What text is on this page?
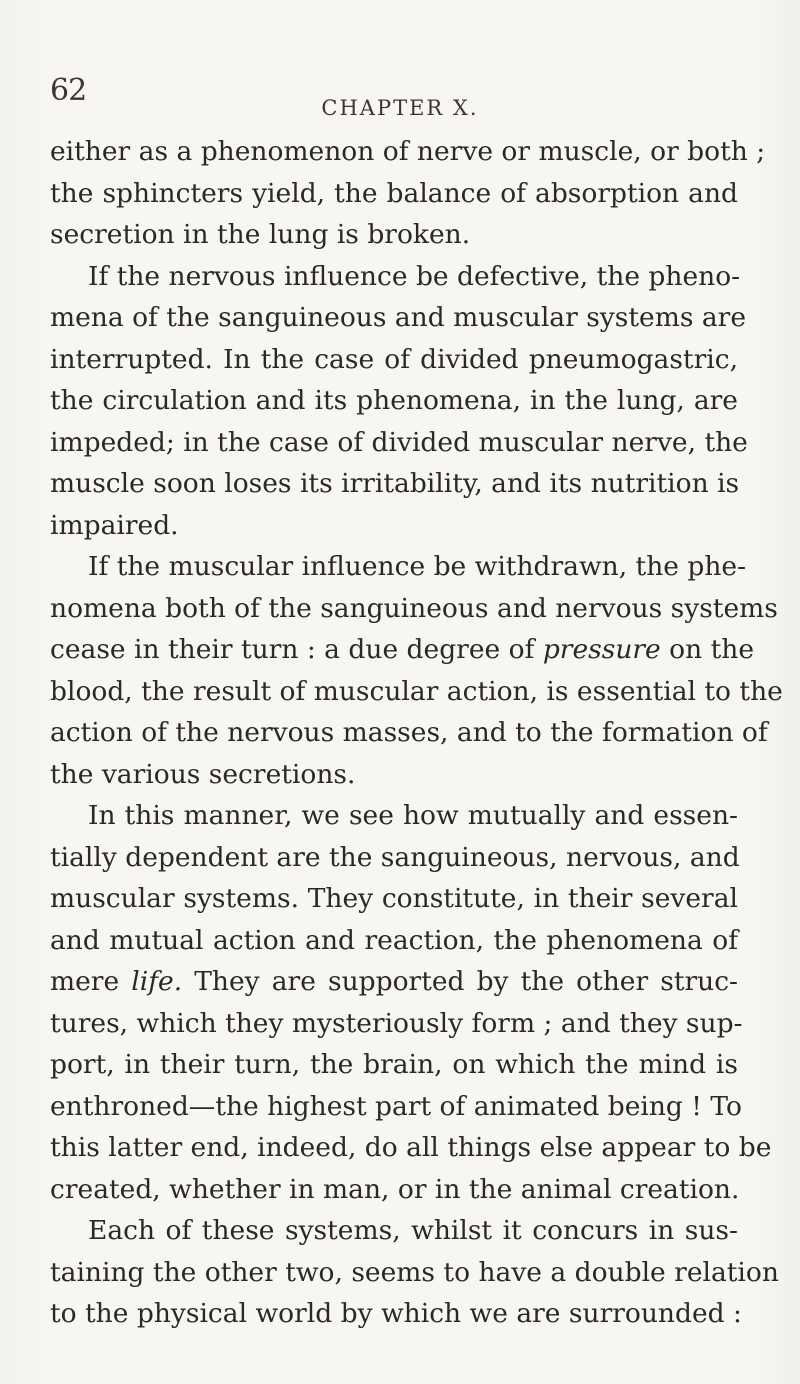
62	CHAPTER X.

either as a phenomenon of nerve or muscle, or both ;
the sphincters yield, the balance of absorption and
secretion in the lung is broken.

If the nervous influence be defective, the pheno-
mena of the sanguineous and muscular systems are
interrupted. In the case of divided pneumogastric,
the circulation and its phenomena, in the lung, are
impeded; in the case of divided muscular nerve, the
muscle soon loses its irritability, and its nutrition is
impaired.

If the muscular influence be withdrawn, the phe-
nomena both of the sanguineous and nervous systems
cease in their turn : a due degree of pressure on the
blood, the result of muscular action, is essential to the
action of the nervous masses, and to the formation of
the various secretions.

In this manner, we see how mutually and essen-
tially dependent are the sanguineous, nervous, and
muscular systems. They constitute, in their several
and mutual action and reaction, the phenomena of
mere life. They are supported by the other struc-
tures, which they mysteriously form ; and they sup-
port, in their turn, the brain, on which the mind is
enthroned—the highest part of animated being ! To
this latter end, indeed, do all things else appear to be
created, whether in man, or in the animal creation.

Each of these systems, whilst it concurs in sus-
taining the other two, seems to have a double relation
to the physical world by which we are surrounded :
